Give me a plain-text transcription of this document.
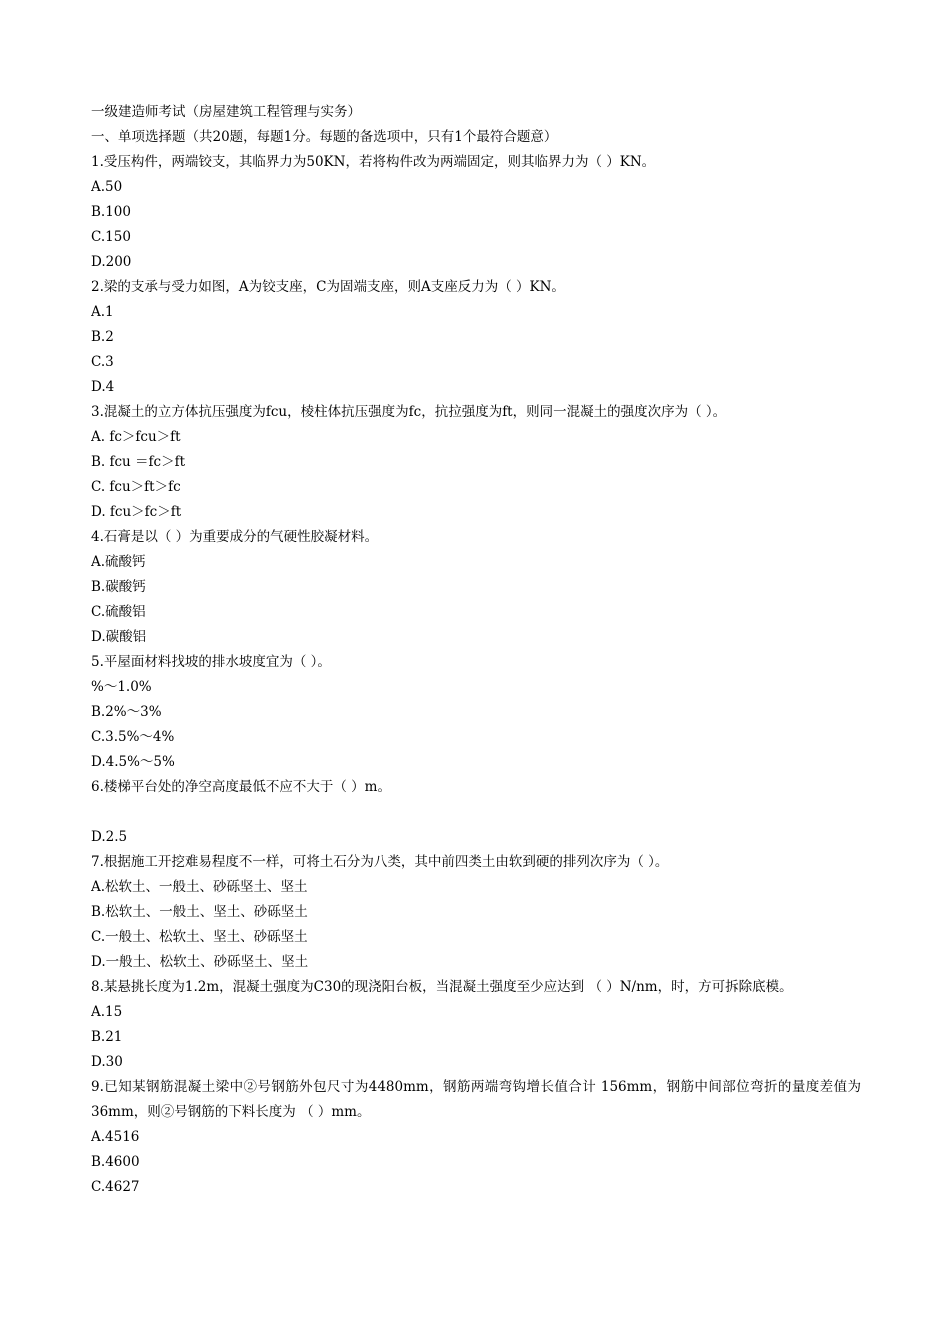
一级建造师考试（房屋建筑工程管理与实务）
一、单项选择题（共20题，每题1分。每题的备选项中，只有1个最符合题意）
1.受压构件，两端铰支，其临界力为50KN，若将构件改为两端固定，则其临界力为（ ）KN。
A.50
B.100
C.150
D.200
2.梁的支承与受力如图，A为铰支座，C为固端支座，则A支座反力为（ ）KN。
A.1
B.2
C.3
D.4
3.混凝土的立方体抗压强度为fcu，棱柱体抗压强度为fc，抗拉强度为ft，则同一混凝土的强度次序为（ ）。
A. fc＞fcu＞ft
B. fcu ＝fc＞ft
C. fcu＞ft＞fc
D. fcu＞fc＞ft
4.石膏是以（ ）为重要成分的气硬性胶凝材料。
A.硫酸钙
B.碳酸钙
C.硫酸铝
D.碳酸铝
5.平屋面材料找坡的排水坡度宜为（ ）。
%～1.0%
B.2%～3%
C.3.5%～4%
D.4.5%～5%
6.楼梯平台处的净空高度最低不应不大于（ ）m。
D.2.5
7.根据施工开挖难易程度不一样，可将土石分为八类，其中前四类土由软到硬的排列次序为（ ）。
A.松软土、一般土、砂砾坚土、坚土
B.松软土、一般土、坚土、砂砾坚土
C.一般土、松软土、坚土、砂砾坚土
D.一般土、松软土、砂砾坚土、坚土
8.某悬挑长度为1.2m，混凝土强度为C30的现浇阳台板，当混凝土强度至少应达到 （ ）N/nm，时，方可拆除底模。
A.15
B.21
D.30
9.已知某钢筋混凝土梁中②号钢筋外包尺寸为4480mm，钢筋两端弯钩增长值合计 156mm，钢筋中间部位弯折的量度差值为 36mm，则②号钢筋的下料长度为 （ ）mm。
A.4516
B.4600
C.4627
